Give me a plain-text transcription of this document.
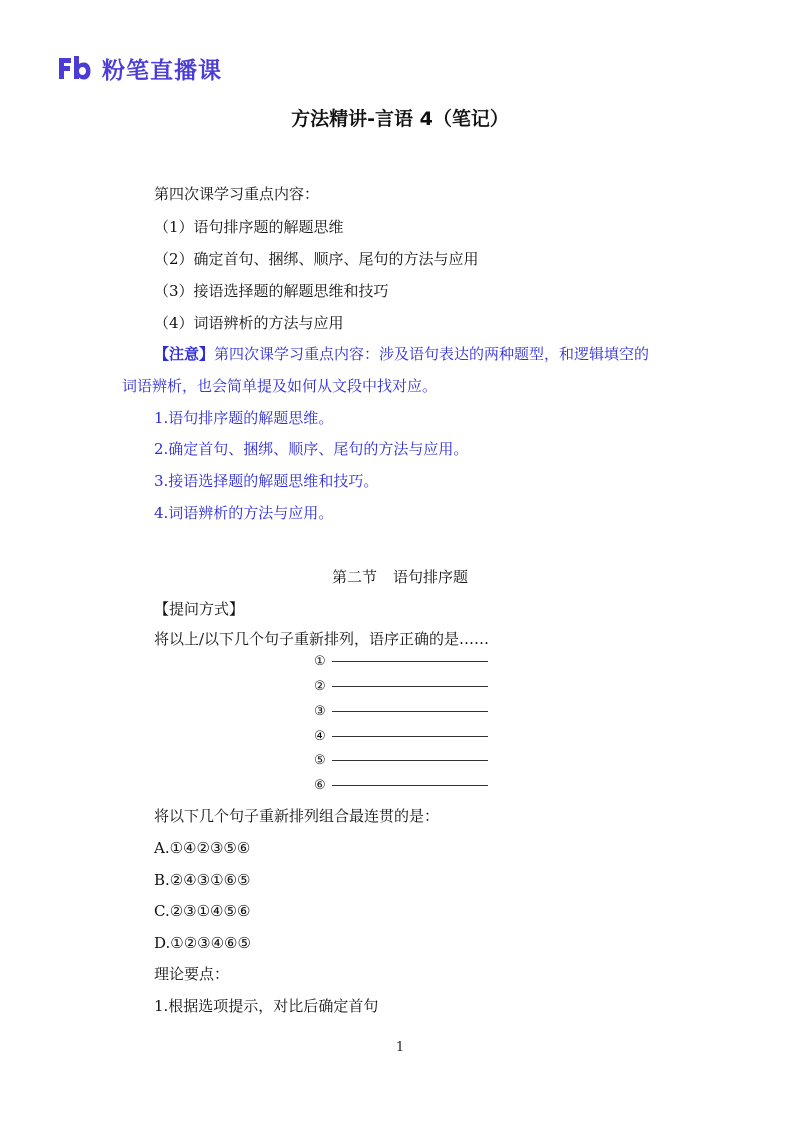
粉笔直播课
方法精讲-言语 4（笔记）
第四次课学习重点内容：
（1）语句排序题的解题思维
（2）确定首句、捆绑、顺序、尾句的方法与应用
（3）接语选择题的解题思维和技巧
（4）词语辨析的方法与应用
【注意】第四次课学习重点内容：涉及语句表达的两种题型，和逻辑填空的
词语辨析，也会简单提及如何从文段中找对应。
1.语句排序题的解题思维。
2.确定首句、捆绑、顺序、尾句的方法与应用。
3.接语选择题的解题思维和技巧。
4.词语辨析的方法与应用。
第二节 语句排序题
【提问方式】
将以上/以下几个句子重新排列，语序正确的是……
①
②
③
④
⑤
⑥
将以下几个句子重新排列组合最连贯的是：
A.①④②③⑤⑥
B.②④③①⑥⑤
C.②③①④⑤⑥
D.①②③④⑥⑤
理论要点：
1.根据选项提示，对比后确定首句
1
